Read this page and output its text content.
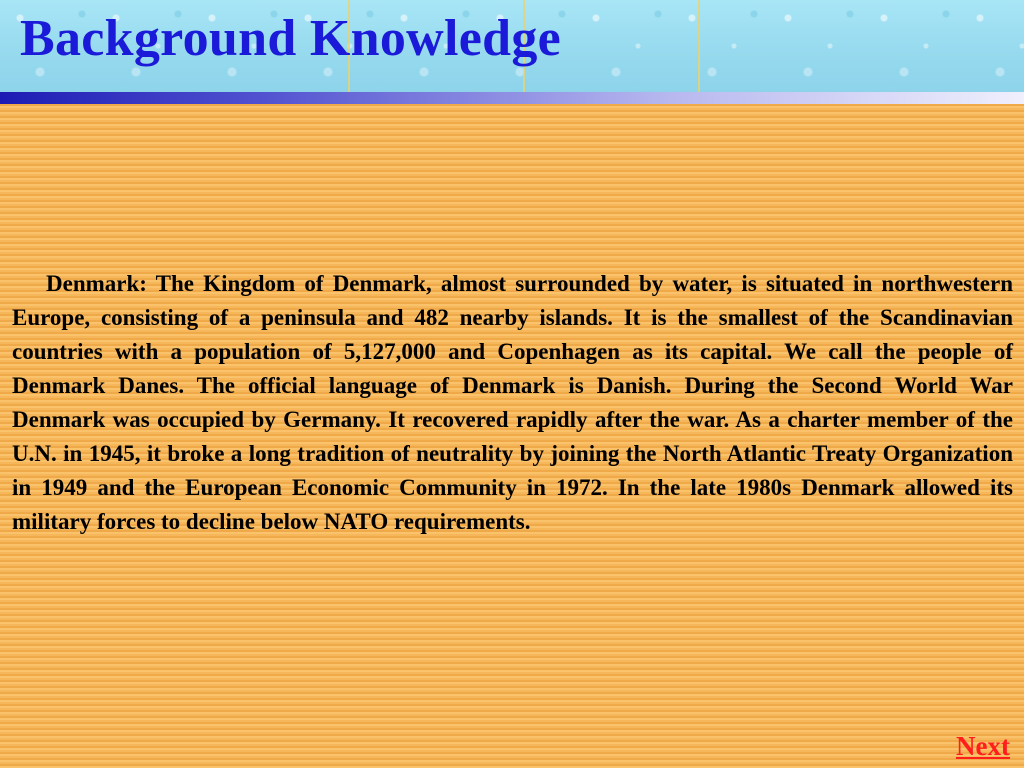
Background Knowledge

Denmark: The Kingdom of Denmark, almost surrounded by water, is situated in northwestern Europe, consisting of a peninsula and 482 nearby islands. It is the smallest of the Scandinavian countries with a population of 5,127,000 and Copenhagen as its capital. We call the people of Denmark Danes. The official language of Denmark is Danish. During the Second World War Denmark was occupied by Germany. It recovered rapidly after the war. As a charter member of the U.N. in 1945, it broke a long tradition of neutrality by joining the North Atlantic Treaty Organization in 1949 and the European Economic Community in 1972. In the late 1980s Denmark allowed its military forces to decline below NATO requirements.

Next
